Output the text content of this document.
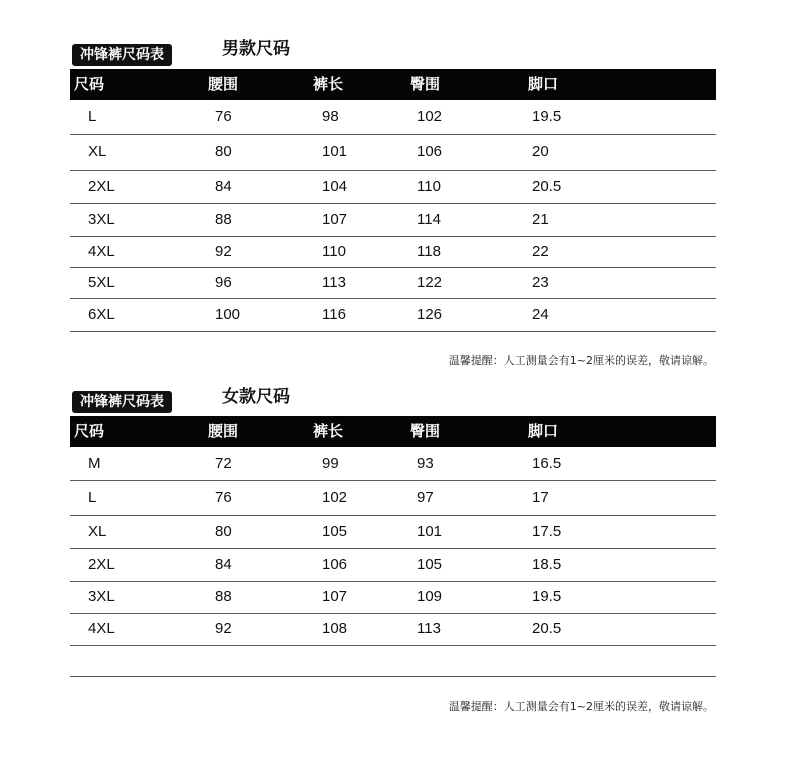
冲锋裤尺码表	男款尺码
尺码	腰围	裤长	臀围	脚口
L	76	98	102	19.5
XL	80	101	106	20
2XL	84	104	110	20.5
3XL	88	107	114	21
4XL	92	110	118	22
5XL	96	113	122	23
6XL	100	116	126	24
温馨提醒：人工测量会有1~2厘米的误差，敬请谅解。
冲锋裤尺码表	女款尺码
尺码	腰围	裤长	臀围	脚口
M	72	99	93	16.5
L	76	102	97	17
XL	80	105	101	17.5
2XL	84	106	105	18.5
3XL	88	107	109	19.5
4XL	92	108	113	20.5
温馨提醒：人工测量会有1~2厘米的误差，敬请谅解。
